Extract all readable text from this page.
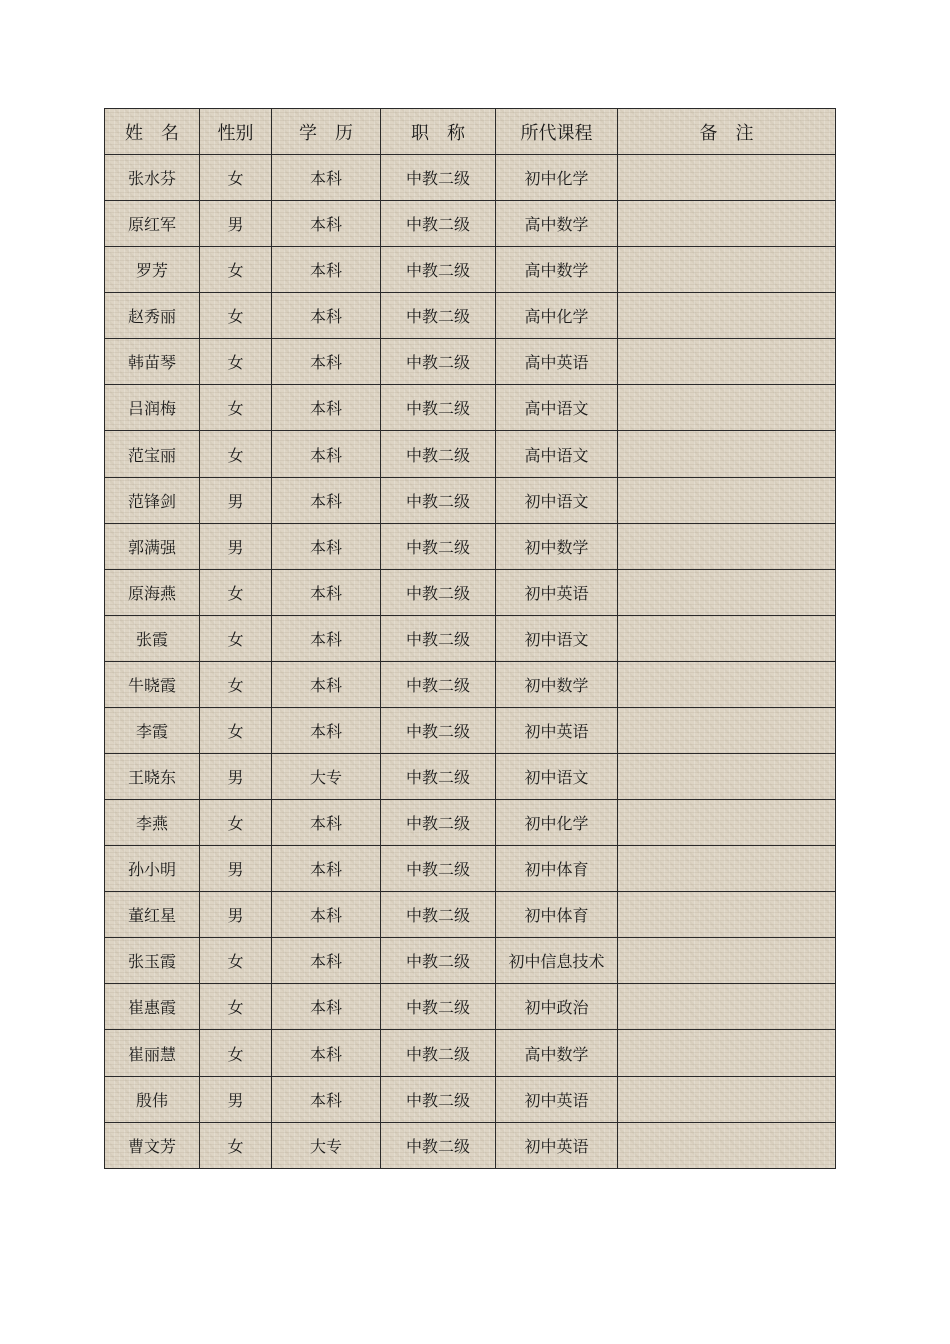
姓　名	性别	学　历	职　称	所代课程	备　注
张水芬	女	本科	中教二级	初中化学	
原红军	男	本科	中教二级	高中数学	
罗芳	女	本科	中教二级	高中数学	
赵秀丽	女	本科	中教二级	高中化学	
韩苗琴	女	本科	中教二级	高中英语	
吕润梅	女	本科	中教二级	高中语文	
范宝丽	女	本科	中教二级	高中语文	
范锋剑	男	本科	中教二级	初中语文	
郭满强	男	本科	中教二级	初中数学	
原海燕	女	本科	中教二级	初中英语	
张霞	女	本科	中教二级	初中语文	
牛晓霞	女	本科	中教二级	初中数学	
李霞	女	本科	中教二级	初中英语	
王晓东	男	大专	中教二级	初中语文	
李燕	女	本科	中教二级	初中化学	
孙小明	男	本科	中教二级	初中体育	
董红星	男	本科	中教二级	初中体育	
张玉霞	女	本科	中教二级	初中信息技术	
崔惠霞	女	本科	中教二级	初中政治	
崔丽慧	女	本科	中教二级	高中数学	
殷伟	男	本科	中教二级	初中英语	
曹文芳	女	大专	中教二级	初中英语	
